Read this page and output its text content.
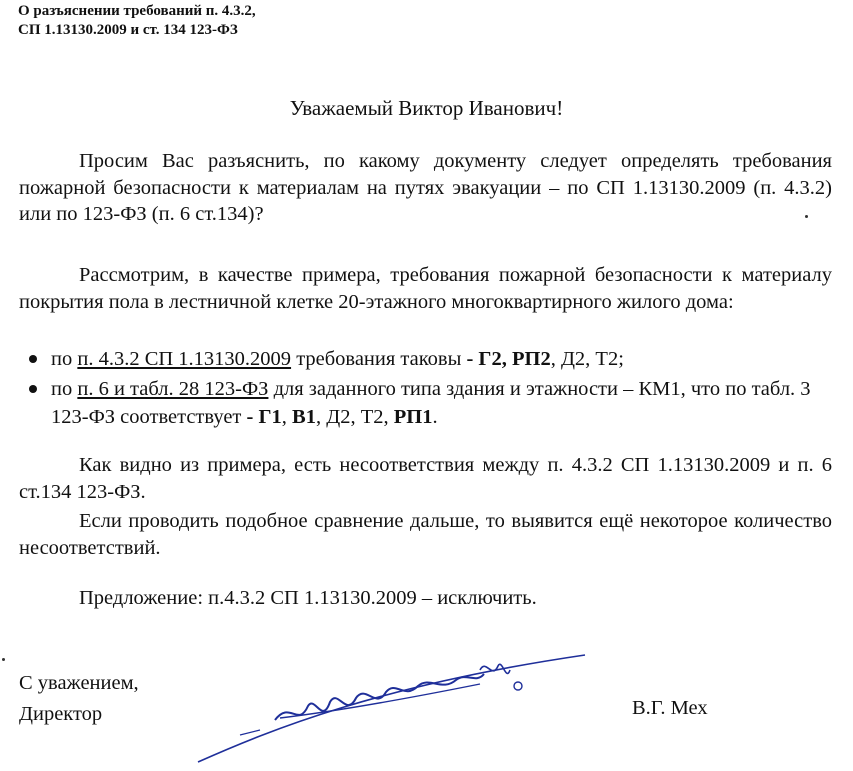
О разъяснении требований п. 4.3.2,
СП 1.13130.2009 и ст. 134 123-ФЗ
Уважаемый Виктор Иванович!
Просим Вас разъяснить, по какому документу следует определять требования пожарной безопасности к материалам на путях эвакуации – по СП 1.13130.2009 (п. 4.3.2) или по 123-ФЗ (п. 6 ст.134)?
Рассмотрим, в качестве примера, требования пожарной безопасности к материалу покрытия пола в лестничной клетке 20-этажного многоквартирного жилого дома:
по п. 4.3.2 СП 1.13130.2009 требования таковы - Г2, РП2, Д2, Т2;
по п. 6 и табл. 28 123-ФЗ для заданного типа здания и этажности – КМ1, что по табл. 3 123-ФЗ соответствует - Г1, В1, Д2, Т2, РП1.
Как видно из примера, есть несоответствия между п. 4.3.2 СП 1.13130.2009 и п. 6 ст.134 123-ФЗ.
Если проводить подобное сравнение дальше, то выявится ещё некоторое количество несоответствий.
Предложение: п.4.3.2 СП 1.13130.2009 – исключить.
С уважением,
Директор	В.Г. Мех
